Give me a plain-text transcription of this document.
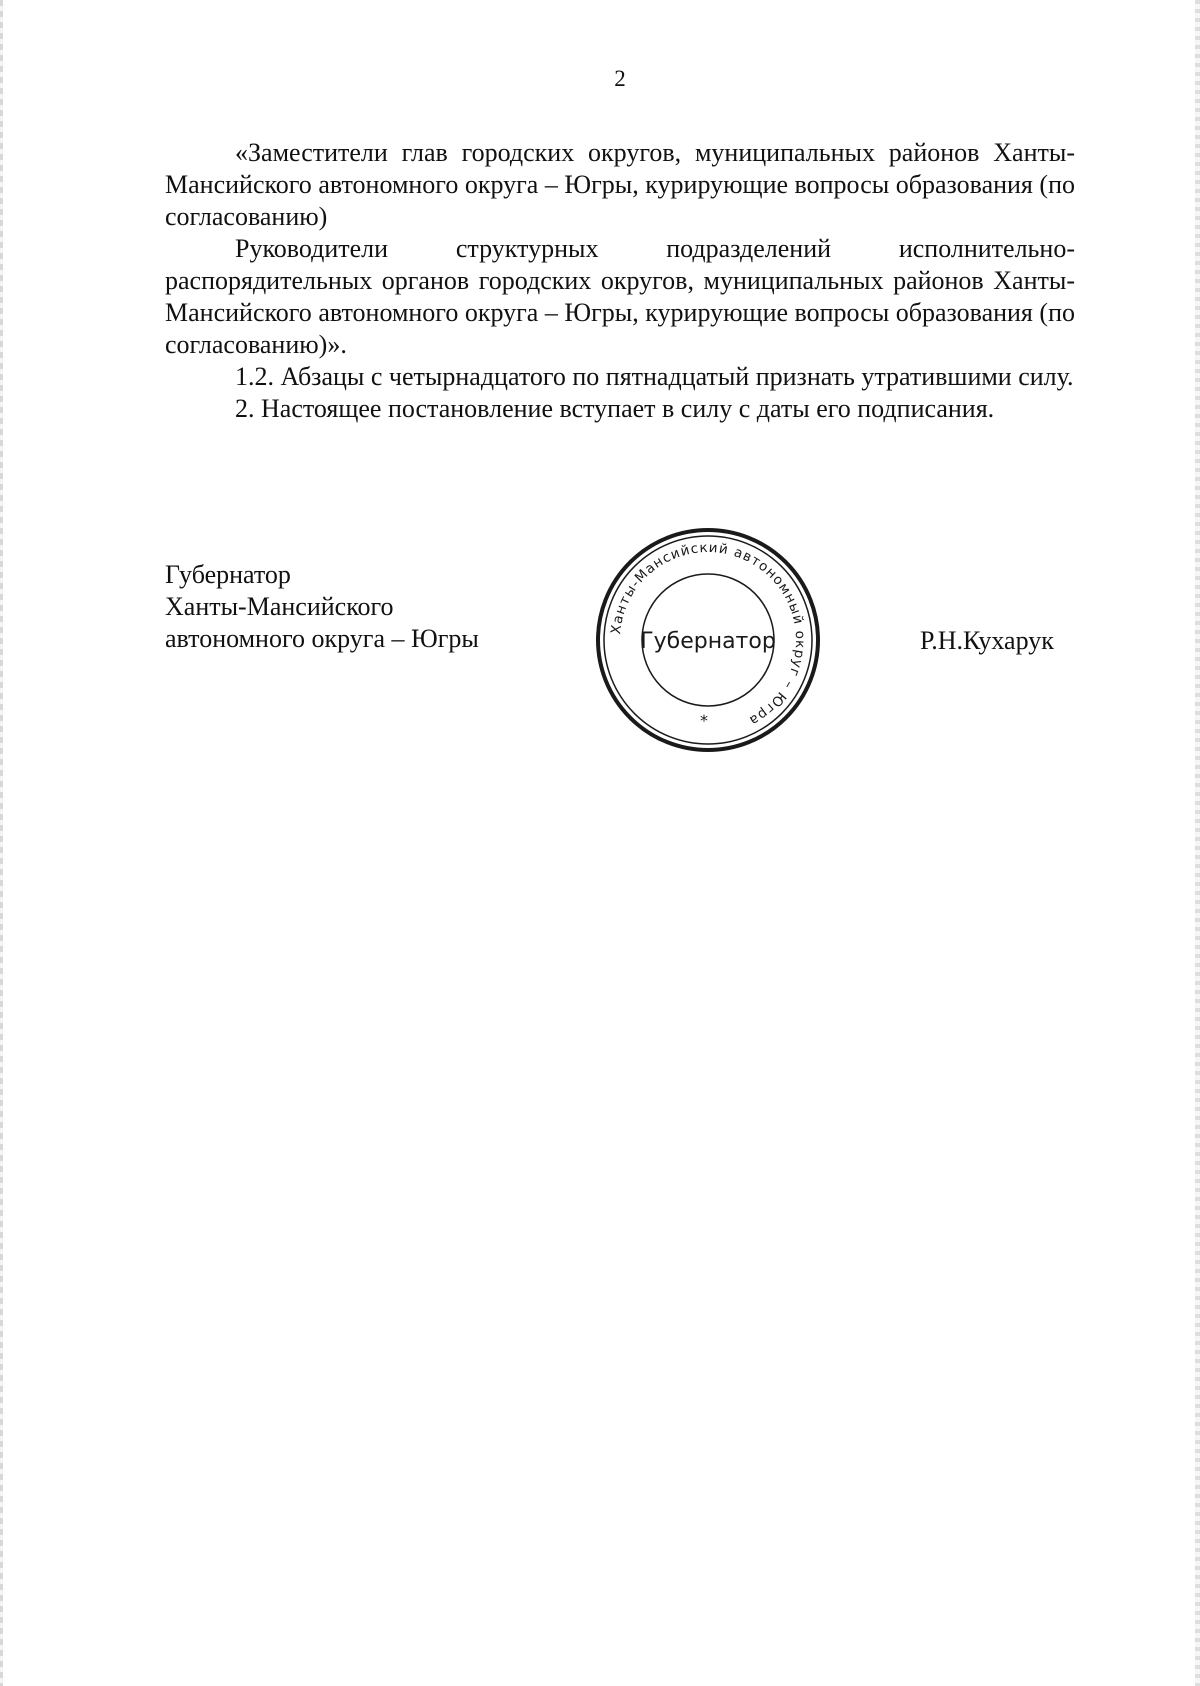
2

«Заместители глав городских округов, муниципальных районов Ханты-Мансийского автономного округа – Югры, курирующие вопросы образования (по согласованию)

Руководители структурных подразделений исполнительно-распорядительных органов городских округов, муниципальных районов Ханты-Мансийского автономного округа – Югры, курирующие вопросы образования (по согласованию)».

1.2. Абзацы с четырнадцатого по пятнадцатый признать утратившими силу.

2. Настоящее постановление вступает в силу с даты его подписания.

Губернатор
Ханты-Мансийского
автономного округа – Югры	Ханты-Мансийский автономный округ – Югра
Губернатор
*
Р.Н.Кухарук
